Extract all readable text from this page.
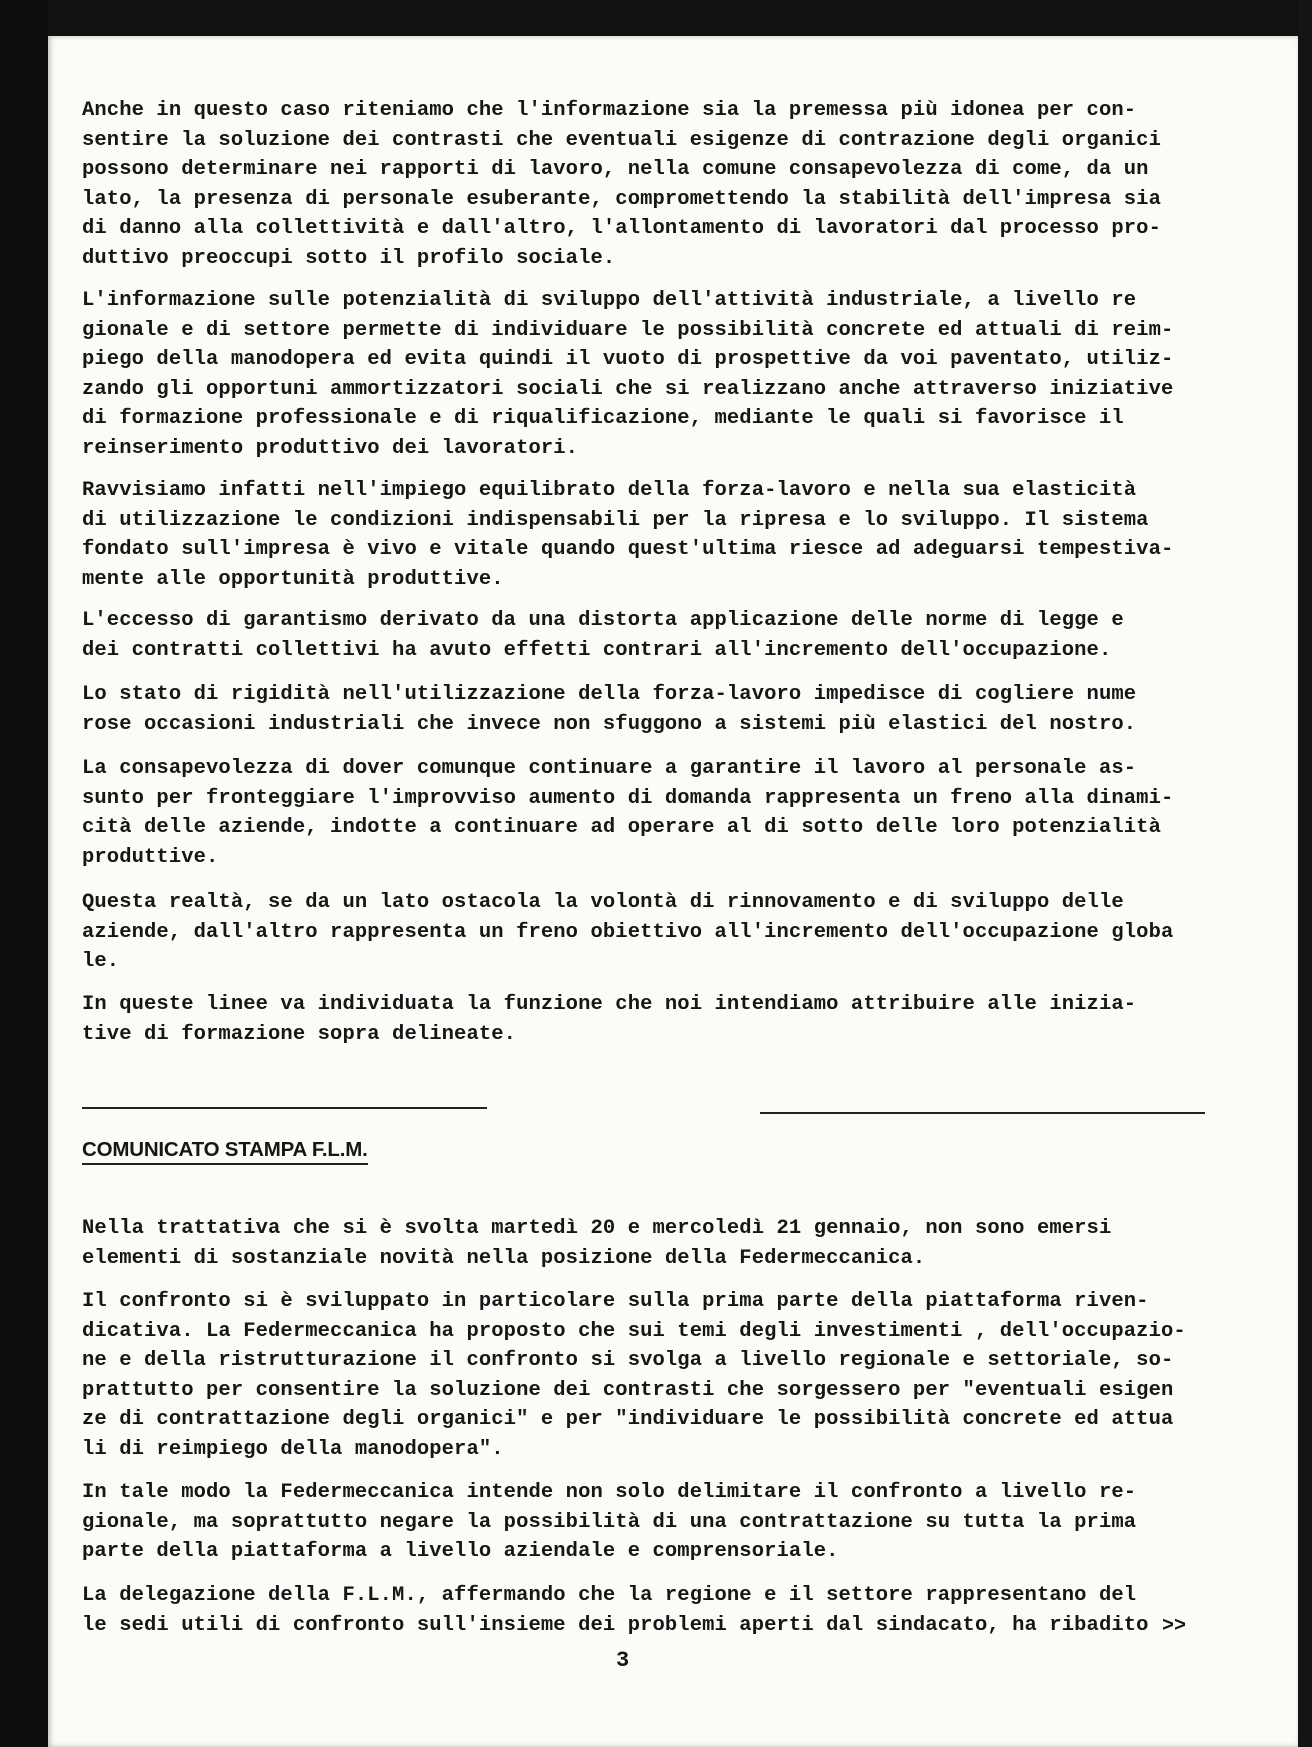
Anche in questo caso riteniamo che l'informazione sia la premessa più idonea per con-
sentire la soluzione dei contrasti che eventuali esigenze di contrazione degli organici
possono determinare nei rapporti di lavoro, nella comune consapevolezza di come, da un
lato, la presenza di personale esuberante, compromettendo la stabilità dell'impresa sia
di danno alla collettività e dall'altro, l'allontamento di lavoratori dal processo pro-
duttivo preoccupi sotto il profilo sociale.
L'informazione sulle potenzialità di sviluppo dell'attività industriale, a livello re
gionale e di settore permette di individuare le possibilità concrete ed attuali di reim-
piego della manodopera ed evita quindi il vuoto di prospettive da voi paventato, utiliz-
zando gli opportuni ammortizzatori sociali che si realizzano anche attraverso iniziative
di formazione professionale e di riqualificazione, mediante le quali si favorisce il
reinserimento produttivo dei lavoratori.
Ravvisiamo infatti nell'impiego equilibrato della forza-lavoro e nella sua elasticità
di utilizzazione le condizioni indispensabili per la ripresa e lo sviluppo. Il sistema
fondato sull'impresa è vivo e vitale quando quest'ultima riesce ad adeguarsi tempestiva-
mente alle opportunità produttive.
L'eccesso di garantismo derivato da una distorta applicazione delle norme di legge e
dei contratti collettivi ha avuto effetti contrari all'incremento dell'occupazione.
Lo stato di rigidità nell'utilizzazione della forza-lavoro impedisce di cogliere nume
rose occasioni industriali che invece non sfuggono a sistemi più elastici del nostro.
La consapevolezza di dover comunque continuare a garantire il lavoro al personale as-
sunto per fronteggiare l'improvviso aumento di domanda rappresenta un freno alla dinami-
cità delle aziende, indotte a continuare ad operare al di sotto delle loro potenzialità
produttive.
Questa realtà, se da un lato ostacola la volontà di rinnovamento e di sviluppo delle
aziende, dall'altro rappresenta un freno obiettivo all'incremento dell'occupazione globa
le.
In queste linee va individuata la funzione che noi intendiamo attribuire alle inizia-
tive di formazione sopra delineate.
Nella trattativa che si è svolta martedì 20 e mercoledì 21 gennaio, non sono emersi
elementi di sostanziale novità nella posizione della Federmeccanica.
Il confronto si è sviluppato in particolare sulla prima parte della piattaforma riven-
dicativa. La Federmeccanica ha proposto che sui temi degli investimenti , dell'occupazio-
ne e della ristrutturazione il confronto si svolga a livello regionale e settoriale, so-
prattutto per consentire la soluzione dei contrasti che sorgessero per "eventuali esigen
ze di contrattazione degli organici" e per "individuare le possibilità concrete ed attua
li di reimpiego della manodopera".
In tale modo la Federmeccanica intende non solo delimitare il confronto a livello re-
gionale, ma soprattutto negare la possibilità di una contrattazione su tutta la prima
parte della piattaforma a livello aziendale e comprensoriale.
La delegazione della F.L.M., affermando che la regione e il settore rappresentano del
le sedi utili di confronto sull'insieme dei problemi aperti dal sindacato, ha ribadito
COMUNICATO STAMPA F.L.M.
>>
3
